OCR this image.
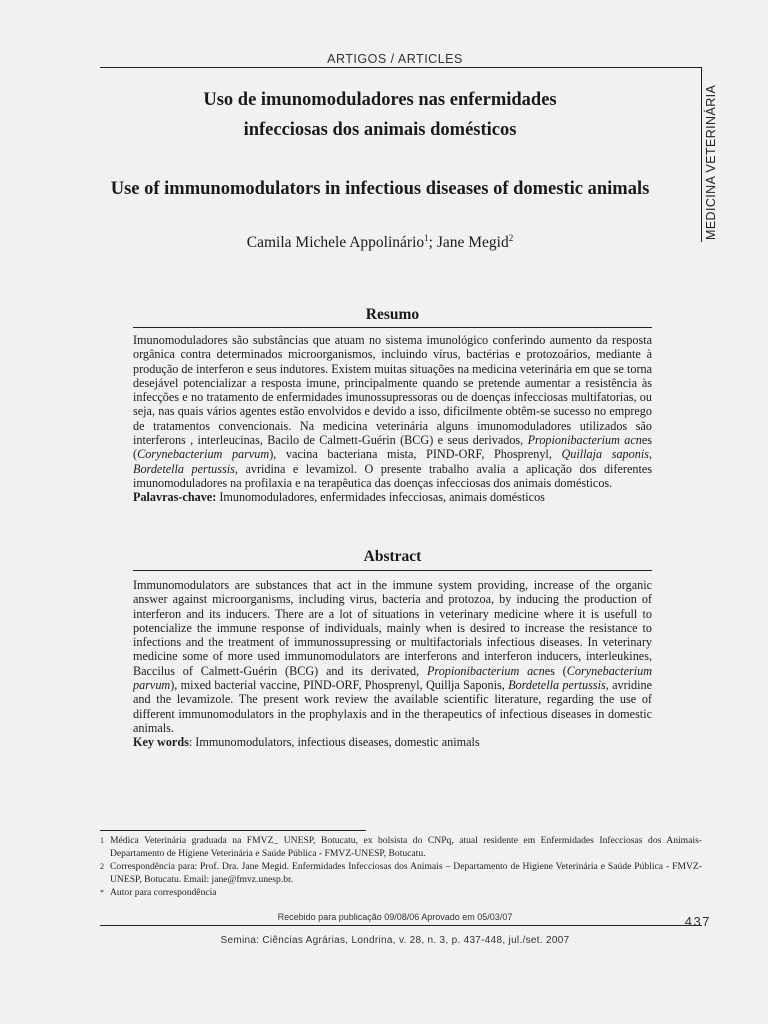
ARTIGOS / ARTICLES
MEDICINA VETERINÁRIA
Uso de imunomoduladores nas enfermidades
infecciosas dos animais domésticos
Use of immunomodulators in infectious diseases of domestic animals
Camila Michele Appolinário$^1$; Jane Megid$^2$
Resumo
Imunomoduladores são substâncias que atuam no sistema imunológico conferindo aumento da resposta orgânica contra determinados microorganismos, incluindo vírus, bactérias e protozoários, mediante à produção de interferon e seus indutores. Existem muitas situações na medicina veterinária em que se torna desejável potencializar a resposta imune, principalmente quando se pretende aumentar a resistência às infecções e no tratamento de enfermidades imunossupressoras ou de doenças infecciosas multifatorias, ou seja, nas quais vários agentes estão envolvidos e devido a isso, dificilmente obtêm-se sucesso no emprego de tratamentos convencionais. Na medicina veterinária alguns imunomoduladores utilizados são interferons , interleucinas, Bacilo de Calmett-Guérin (BCG) e seus derivados, Propionibacterium acnes (Corynebacterium parvum), vacina bacteriana mista, PIND-ORF, Phosprenyl, Quillaja saponis, Bordetella pertussis, avridina e levamizol. O presente trabalho avalia a aplicação dos diferentes imunomoduladores na profilaxia e na terapêutica das doenças infecciosas dos animais domésticos.
Palavras-chave: Imunomoduladores, enfermidades infecciosas, animais domésticos
Abstract
Immunomodulators are substances that act in the immune system providing, increase of the organic answer against microorganisms, including virus, bacteria and protozoa, by inducing the production of interferon and its inducers. There are a lot of situations in veterinary medicine where it is usefull to potencialize the immune response of individuals, mainly when is desired to increase the resistance to infections and the treatment of immunossupressing or multifactorials infectious diseases. In veterinary medicine some of more used immunomodulators are interferons and interferon inducers, interleukines, Baccilus of Calmett-Guérin (BCG) and its derivated, Propionibacterium acnes (Corynebacterium parvum), mixed bacterial vaccine, PIND-ORF, Phosprenyl, Quillja Saponis, Bordetella pertussis, avridine and the levamizole. The present work review the available scientific literature, regarding the use of different immunomodulators in the prophylaxis and in the therapeutics of infectious diseases in domestic animals.
Key words: Immunomodulators, infectious diseases, domestic animals
1 Médica Veterinária graduada na FMVZ_ UNESP, Botucatu, ex bolsista do CNPq, atual residente em Enfermidades Infecciosas dos Animais- Departamento de Higiene Veterinária e Saúde Pública - FMVZ-UNESP, Botucatu.
2 Correspondência para: Prof. Dra. Jane Megid. Enfermidades Infecciosas dos Animais – Departamento de Higiene Veterinária e Saúde Pública - FMVZ-UNESP, Botucatu. Email: jane@fmvz.unesp.br.
* Autor para correspondência
Recebido para publicação 09/08/06 Aprovado em 05/03/07
Semina: Ciências Agrárias, Londrina, v. 28, n. 3, p. 437-448, jul./set. 2007
437
